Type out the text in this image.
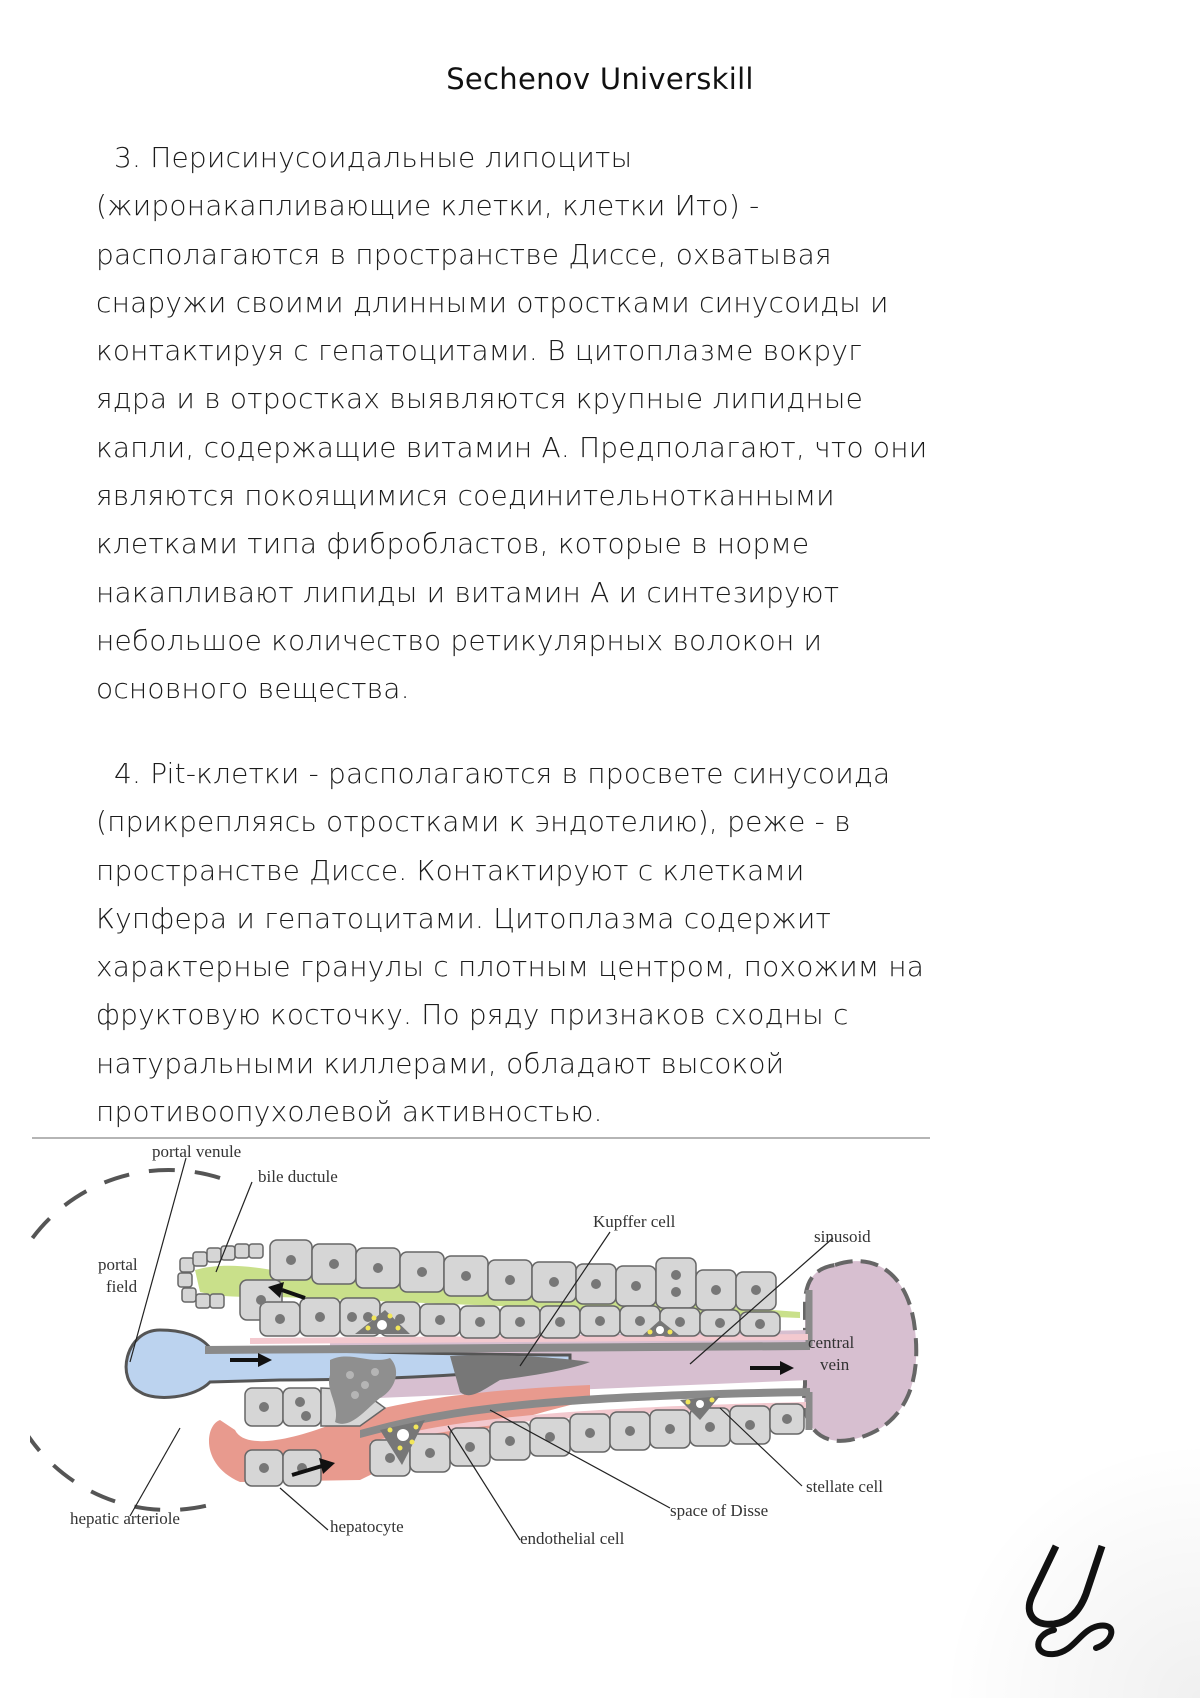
Sechenov Universkill
3. Перисинусоидальные липоциты
(жиронакапливающие клетки, клетки Ито) -
располагаются в пространстве Диссе, охватывая
снаружи своими длинными отростками синусоиды и
контактируя с гепатоцитами. В цитоплазме вокруг
ядра и в отростках выявляются крупные липидные
капли, содержащие витамин А. Предполагают, что они
являются покоящимися соединительнотканными
клетками типа фибробластов, которые в норме
накапливают липиды и витамин А и синтезируют
небольшое количество ретикулярных волокон и
основного вещества.
4. Pit-клетки - располагаются в просвете синусоида
(прикрепляясь отростками к эндотелию), реже - в
пространстве Диссе. Контактируют с клетками
Купфера и гепатоцитами. Цитоплазма содержит
характерные гранулы с плотным центром, похожим на
фруктовую косточку. По ряду признаков сходны с
натуральными киллерами, обладают высокой
противоопухолевой активностью.
portal venule
bile ductule
portal
field
Kupffer cell
sinusoid
central
vein
stellate cell
space of Disse
hepatic arteriole	hepatocyte
endothelial cell
